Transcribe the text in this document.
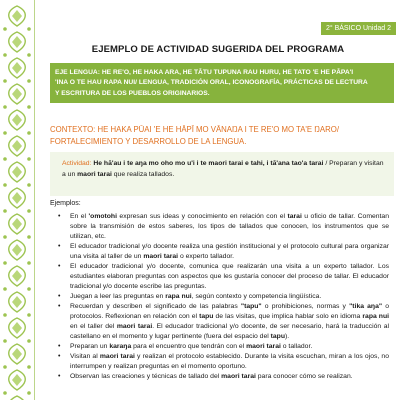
2° BÁSICO Unidad 2
EJEMPLO DE ACTIVIDAD SUGERIDA DEL PROGRAMA
EJE LENGUA: HE RE'O, HE HAKA ARA, HE TĀTU TUPUNA RAU HURU, HE TATO 'E HE PĀPA'I
'INA O TE HAU RAPA NUI/ LENGUA, TRADICIÓN ORAL, ICONOGRAFÍA, PRÁCTICAS DE LECTURA
Y ESCRITURA DE LOS PUEBLOS ORIGINARIOS.
CONTEXTO: HE HAKA PŪAI 'E HE HĀPĪ MO VĀNAŊA I TE RE'O MO TA'E ŊARO/
FORTALECIMIENTO Y DESARROLLO DE LA LENGUA.
Actividad: He hā'au i te aŋa mo oho mo u'i i te maori tarai e tahi, i tā'ana tao'a tarai / Preparan y visitan a un maori tarai que realiza tallados.
Ejemplos:
• En el 'omotohi expresan sus ideas y conocimiento en relación con el tarai u oficio de tallar. Comentan sobre la transmisión de estos saberes, los tipos de tallados que conocen, los instrumentos que se utilizan, etc.
• El educador tradicional y/o docente realiza una gestión institucional y el protocolo cultural para organizar una visita al taller de un maori tarai o experto tallador.
• El educador tradicional y/o docente, comunica que realizarán una visita a un experto tallador. Los estudiantes elaboran preguntas con aspectos que les gustaría conocer del proceso de tallar. El educador tradicional y/o docente escribe las preguntas.
• Juegan a leer las preguntas en rapa nui, según contexto y competencia lingüística.
• Recuerdan y describen el significado de las palabras "tapu" o prohibiciones, normas y "tika aŋa" o protocolos. Reflexionan en relación con el tapu de las visitas, que implica hablar solo en idioma rapa nui en el taller del maori tarai. El educador tradicional y/o docente, de ser necesario, hará la traducción al castellano en el momento y lugar pertinente (fuera del espacio del tapu).
• Preparan un karaŋa para el encuentro que tendrán con el maori tarai o tallador.
• Visitan al maori tarai y realizan el protocolo establecido. Durante la visita escuchan, miran a los ojos, no interrumpen y realizan preguntas en el momento oportuno.
• Observan las creaciones y técnicas de tallado del maori tarai para conocer cómo se realizan.
